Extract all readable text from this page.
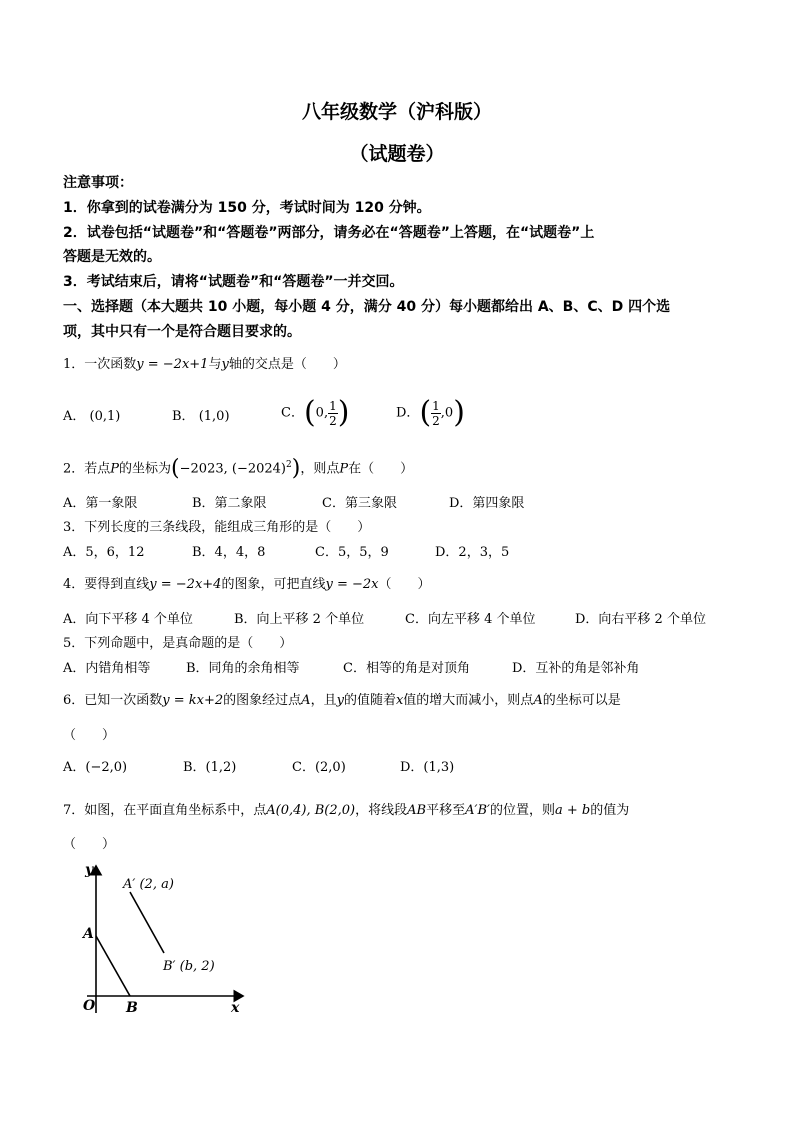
八年级数学（沪科版）
（试题卷）
注意事项：
1．你拿到的试卷满分为 150 分，考试时间为 120 分钟。
2．试卷包括“试题卷”和“答题卷”两部分，请务必在“答题卷”上答题，在“试题卷”上
答题是无效的。
3．考试结束后，请将“试题卷”和“答题卷”一并交回。
一、选择题（本大题共 10 小题，每小题 4 分，满分 40 分）每小题都给出 A、B、C、D 四个选
项，其中只有一个是符合题目要求的。
1．一次函数y = −2x+1与y轴的交点是（　　）
A． (0,1)	B． (1,0)	C．(0, $\frac{1}{2}$ )	D．( $\frac{1}{2} ,0$)
2．若点P的坐标为(−2023, $(-2024)^2$)，则点P在（　　）
A．第一象限	B．第二象限	C．第三象限	D．第四象限
3．下列长度的三条线段，能组成三角形的是（　　）
A．5，6，12	B．4，4，8	C．5，5，9	D．2，3，5
4．要得到直线y = −2x+4的图象，可把直线y = −2x（　　）
A．向下平移 4 个单位	B．向上平移 2 个单位	C．向左平移 4 个单位	D．向右平移 2 个单位
5．下列命题中，是真命题的是（　　）
A．内错角相等	B．同角的余角相等	C．相等的角是对顶角	D．互补的角是邻补角
6．已知一次函数y = kx+2的图象经过点A，且y的值随着x值的增大而减小，则点A的坐标可以是
（　　）
A．(−2,0)	B．(1,2)	C．(2,0)	D．(1,3)
7．如图，在平面直角坐标系中，点A(0,4), B(2,0)，将线段AB平移至A′B′的位置，则a + b的值为
（　　）
y
x
O
A
B
A′ (2, a)
B′ (b, 2)
